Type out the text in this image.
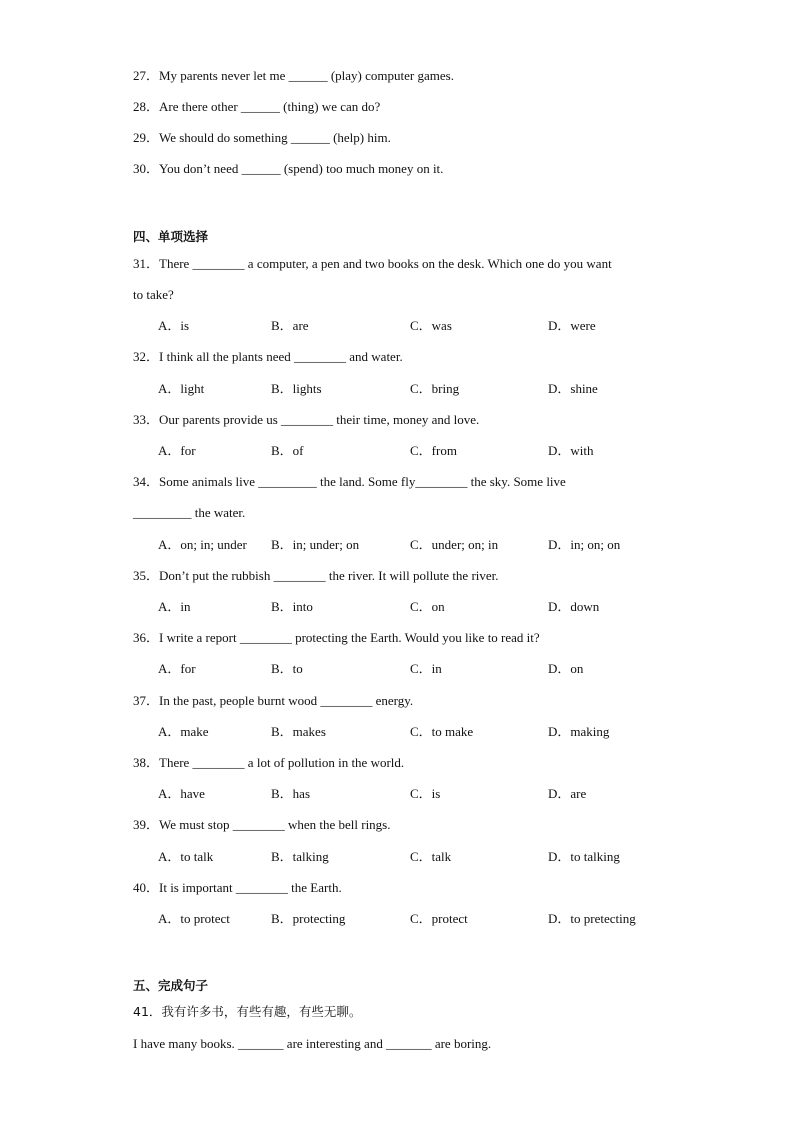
27．My parents never let me ______ (play) computer games.
28．Are there other ______ (thing) we can do?
29．We should do something ______ (help) him.
30．You don’t need ______ (spend) too much money on it.
四、单项选择
31．There ________ a computer, a pen and two books on the desk. Which one do you want
to take?
A．is	B．are	C．was	D．were
32．I think all the plants need ________ and water.
A．light	B．lights	C．bring	D．shine
33．Our parents provide us ________ their time, money and love.
A．for	B．of	C．from	D．with
34．Some animals live _________ the land. Some fly________ the sky. Some live
_________ the water.
A．on; in; under B．in; under; on	C．under; on; in	D．in; on; on
35．Don’t put the rubbish ________ the river. It will pollute the river.
A．in	B．into	C．on	D．down
36．I write a report ________ protecting the Earth. Would you like to read it?
A．for	B．to	C．in	D．on
37．In the past, people burnt wood ________ energy.
A．make	B．makes	C．to make	D．making
38．There ________ a lot of pollution in the world.
A．have	B．has	C．is	D．are
39．We must stop ________ when the bell rings.
A．to talk	B．talking	C．talk	D．to talking
40．It is important ________ the Earth.
A．to protect	B．protecting	C．protect	D．to pretecting
五、完成句子
41．我有许多书，有些有趣，有些无聊。
I have many books. _______ are interesting and _______ are boring.
